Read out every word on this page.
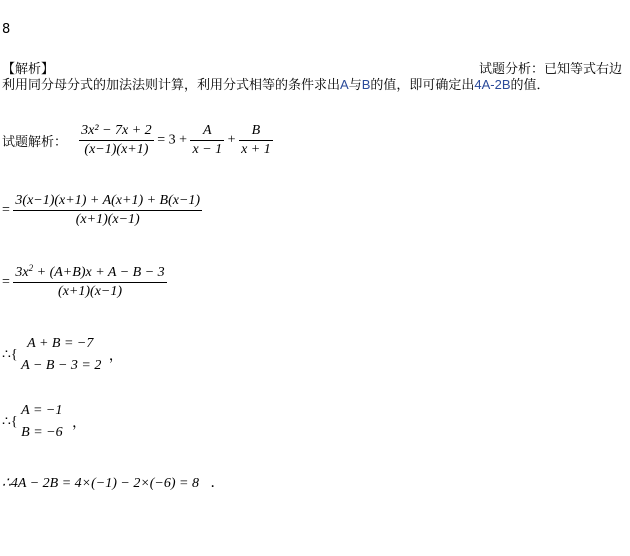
8
【解析】	试题分析：已知等式右边
利用同分母分式的加法法则计算，利用分式相等的条件求出A与B的值，即可确定出4A-2B的值．
试题解析： $\frac{\text{3x² − 7x + 2}}{(x-1)(x+1)} = 3 + \frac{A}{x - 1} + \frac{B}{x + 1}$
= $\frac{3(x-1)(x+1) + A(x+1) + B(x-1)}{(x+1)(x-1)}$
= $\frac{3x^2 + (A+B)x + A - B - 3}{(x+1)(x-1)}$
∴{
A + B = −7
A − B − 3 = 2
，
∴{
A = −1
B = −6
，
∴4A − 2B = 4×(−1) − 2×(−6) = 8 ．
